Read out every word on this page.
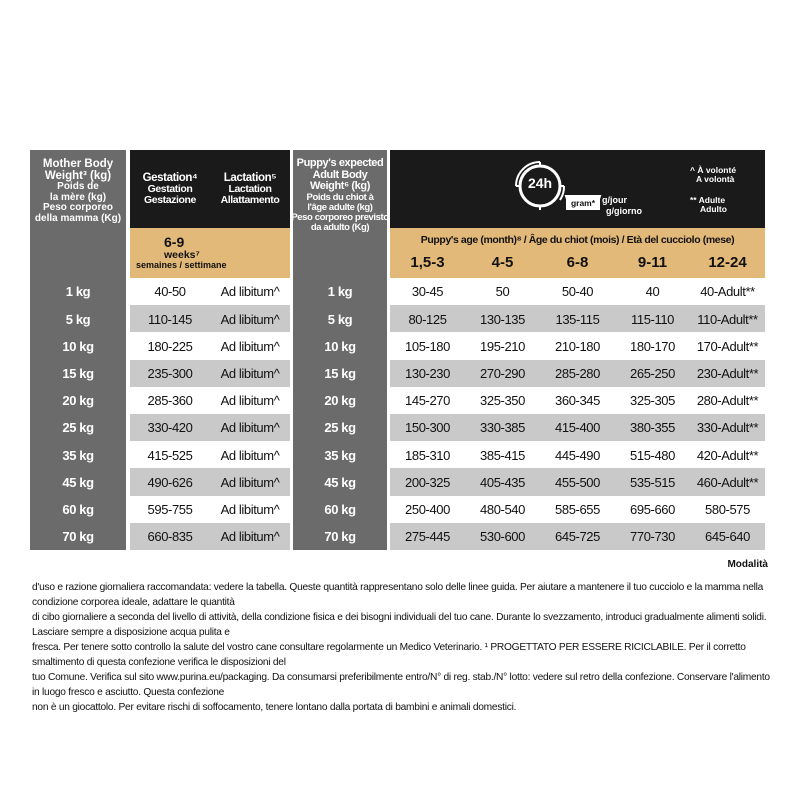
Mother Body
Weight³ (kg)
Poids de
la mère (kg)
Peso corporeo
della mamma (Kg)
Gestation⁴
Gestation
Gestazione
Lactation⁵
Lactation
Allattamento
6-9
weeks⁷
semaines / settimane
Puppy's expected
Adult Body
Weight⁶ (kg)
Poids du chiot à
l'âge adulte (kg)
Peso corporeo previsto
da adulto (Kg)
24h
gram* * g/jour
g/giorno
^ À volonté
A volontà
** Adulte
Adulto
Puppy's age (month)⁸ / Âge du chiot (mois) / Età del cucciolo (mese)
1,5-3	4-5	6-8	9-11	12-24
1 kg	40-50	Ad libitum^	1 kg	30-45	50	50-40	40	40-Adult**
5 kg	110-145	Ad libitum^	5 kg	80-125	130-135	135-115	115-110	110-Adult**
10 kg	180-225	Ad libitum^	10 kg	105-180	195-210	210-180	180-170	170-Adult**
15 kg	235-300	Ad libitum^	15 kg	130-230	270-290	285-280	265-250	230-Adult**
20 kg	285-360	Ad libitum^	20 kg	145-270	325-350	360-345	325-305	280-Adult**
25 kg	330-420	Ad libitum^	25 kg	150-300	330-385	415-400	380-355	330-Adult**
35 kg	415-525	Ad libitum^	35 kg	185-310	385-415	445-490	515-480	420-Adult**
45 kg	490-626	Ad libitum^	45 kg	200-325	405-435	455-500	535-515	460-Adult**
60 kg	595-755	Ad libitum^	60 kg	250-400	480-540	585-655	695-660	580-575
70 kg	660-835	Ad libitum^	70 kg	275-445	530-600	645-725	770-730	645-640
Modalità

d'uso e razione giornaliera raccomandata: vedere la tabella. Queste quantità rappresentano solo delle linee guida. Per aiutare a mantenere il tuo cucciolo e la mamma nella condizione corporea ideale, adattare le quantità

di cibo giornaliere a seconda del livello di attività, della condizione fisica e dei bisogni individuali del tuo cane. Durante lo svezzamento, introduci gradualmente alimenti solidi. Lasciare sempre a disposizione acqua pulita e

fresca. Per tenere sotto controllo la salute del vostro cane consultare regolarmente un Medico Veterinario. ¹ PROGETTATO PER ESSERE RICICLABILE. Per il corretto smaltimento di questa confezione verifica le disposizioni del

tuo Comune. Verifica sul sito www.purina.eu/packaging. Da consumarsi preferibilmente entro/N° di reg. stab./N° lotto: vedere sul retro della confezione. Conservare l'alimento in luogo fresco e asciutto. Questa confezione

non è un giocattolo. Per evitare rischi di soffocamento, tenere lontano dalla portata di bambini e animali domestici.
